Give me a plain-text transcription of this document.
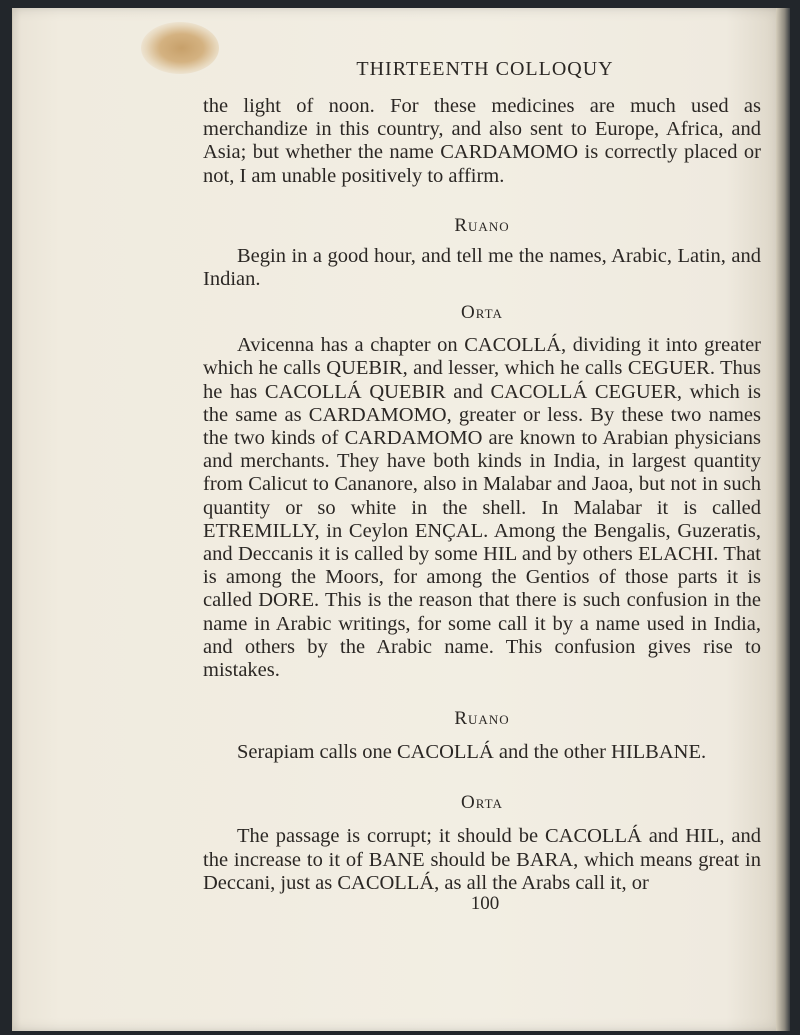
THIRTEENTH COLLOQUY

the light of noon. For these medicines are much used as merchandize in this country, and also sent to Europe, Africa, and Asia; but whether the name CARDAMOMO is correctly placed or not, I am unable positively to affirm.

Ruano

Begin in a good hour, and tell me the names, Arabic, Latin, and Indian.

Orta

Avicenna has a chapter on CACOLLÁ, dividing it into greater which he calls QUEBIR, and lesser, which he calls CEGUER. Thus he has CACOLLÁ QUEBIR and CACOLLÁ CEGUER, which is the same as CARDAMOMO, greater or less. By these two names the two kinds of CARDAMOMO are known to Arabian physicians and merchants. They have both kinds in India, in largest quantity from Calicut to Cananore, also in Malabar and Jaoa, but not in such quantity or so white in the shell. In Malabar it is called ETREMILLY, in Ceylon ENÇAL. Among the Bengalis, Guzeratis, and Deccanis it is called by some HIL and by others ELACHI. That is among the Moors, for among the Gentios of those parts it is called DORE. This is the reason that there is such confusion in the name in Arabic writings, for some call it by a name used in India, and others by the Arabic name. This confusion gives rise to mistakes.

Ruano

Serapiam calls one CACOLLÁ and the other HILBANE.

Orta

The passage is corrupt; it should be CACOLLÁ and HIL, and the increase to it of BANE should be BARA, which means great in Deccani, just as CACOLLÁ, as all the Arabs call it, or

100
